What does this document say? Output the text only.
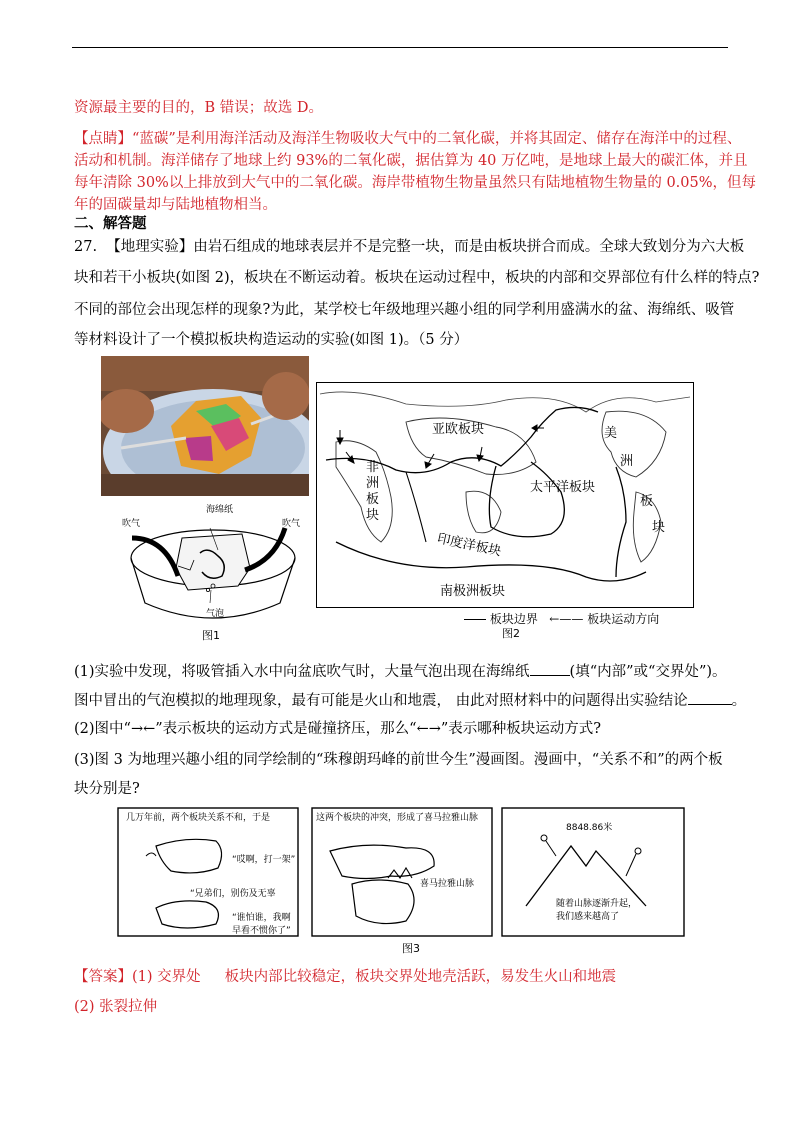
资源最主要的目的，B 错误；故选 D。
【点睛】“蓝碳”是利用海洋活动及海洋生物吸收大气中的二氧化碳，并将其固定、储存在海洋中的过程、
活动和机制。海洋储存了地球上约 93%的二氧化碳，据估算为 40 万亿吨，是地球上最大的碳汇体，并且
每年清除 30%以上排放到大气中的二氧化碳。海岸带植物生物量虽然只有陆地植物生物量的 0.05%，但每
年的固碳量却与陆地植物相当。
二、解答题
27. 【地理实验】由岩石组成的地球表层并不是完整一块，而是由板块拼合而成。全球大致划分为六大板
块和若干小板块(如图 2)，板块在不断运动着。板块在运动过程中，板块的内部和交界部位有什么样的特点?
不同的部位会出现怎样的现象?为此，某学校七年级地理兴趣小组的同学利用盛满水的盆、海绵纸、吸管
等材料设计了一个模拟板块构造运动的实验(如图 1)。（5 分）
海绵纸
吹气	吹气
气泡
图1
亚欧板块
非
洲
板
块
太平洋板块
印度洋板块
南极洲板块
美
洲
板
块
板块边界 ←—— 板块运动方向
图2
(1)实验中发现，将吸管插入水中向盆底吹气时，大量气泡出现在海绵纸	(填“内部”或“交界处”)。
图中冒出的气泡模拟的地理现象，最有可能是火山和地震， 由此对照材料中的问题得出实验结论	。
(2)图中“→←”表示板块的运动方式是碰撞挤压，那么“←→”表示哪种板块运动方式?
(3)图 3 为地理兴趣小组的同学绘制的“珠穆朗玛峰的前世今生”漫画图。漫画中，“关系不和”的两个板
块分别是?
几万年前，两个板块关系不和，于是
“哎啊，打一架”
“兄弟们，别伤及无辜
“谁怕谁，我啊
早看不惯你了”
这两个板块的冲突，形成了喜马拉雅山脉
喜马拉雅山脉
8848.86米
随着山脉逐渐升起，
我们感来越高了
图3
【答案】(1) 交界处 板块内部比较稳定，板块交界处地壳活跃，易发生火山和地震
(2) 张裂拉伸
